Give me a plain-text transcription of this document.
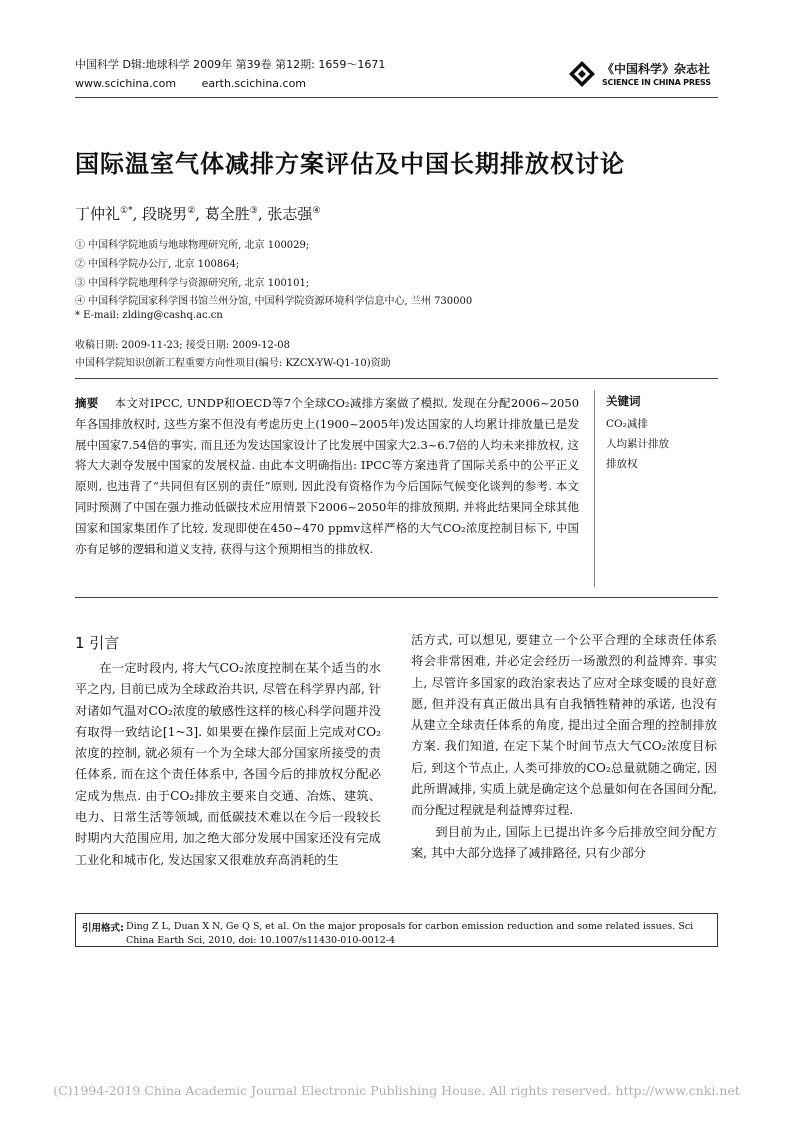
中国科学 D辑:地球科学 2009年 第39卷 第12期: 1659～1671
www.scichina.com earth.scichina.com
《中国科学》杂志社
SCIENCE IN CHINA PRESS
国际温室气体减排方案评估及中国长期排放权讨论
丁仲礼①*, 段晓男②, 葛全胜③, 张志强④
① 中国科学院地质与地球物理研究所, 北京 100029;
② 中国科学院办公厅, 北京 100864;
③ 中国科学院地理科学与资源研究所, 北京 100101;
④ 中国科学院国家科学图书馆兰州分馆, 中国科学院资源环境科学信息中心, 兰州 730000
* E-mail: zlding@cashq.ac.cn
收稿日期: 2009-11-23; 接受日期: 2009-12-08
中国科学院知识创新工程重要方向性项目(编号: KZCX-YW-Q1-10)资助
摘要 本文对IPCC, UNDP和OECD等7个全球CO₂减排方案做了模拟, 发现在分配2006~2050年各国排放权时, 这些方案不但没有考虑历史上(1900~2005年)发达国家的人均累计排放量已是发展中国家7.54倍的事实, 而且还为发达国家设计了比发展中国家大2.3~6.7倍的人均未来排放权, 这将大大剥夺发展中国家的发展权益. 由此本文明确指出: IPCC等方案违背了国际关系中的公平正义原则, 也违背了“共同但有区别的责任”原则, 因此没有资格作为今后国际气候变化谈判的参考. 本文同时预测了中国在强力推动低碳技术应用情景下2006~2050年的排放预期, 并将此结果同全球其他国家和国家集团作了比较, 发现即使在450~470 ppmv这样严格的大气CO₂浓度控制目标下, 中国亦有足够的逻辑和道义支持, 获得与这个预期相当的排放权.
关键词
CO₂减排
人均累计排放
排放权
1 引言

在一定时段内, 将大气CO₂浓度控制在某个适当的水平之内, 目前已成为全球政治共识, 尽管在科学界内部, 针对诸如气温对CO₂浓度的敏感性这样的核心科学问题并没有取得一致结论[1~3]. 如果要在操作层面上完成对CO₂浓度的控制, 就必须有一个为全球大部分国家所接受的责任体系, 而在这个责任体系中, 各国今后的排放权分配必定成为焦点. 由于CO₂排放主要来自交通、冶炼、建筑、电力、日常生活等领域, 而低碳技术难以在今后一段较长时期内大范围应用, 加之绝大部分发展中国家还没有完成工业化和城市化, 发达国家又很难放弃高消耗的生

活方式, 可以想见, 要建立一个公平合理的全球责任体系将会非常困难, 并必定会经历一场激烈的利益博弈. 事实上, 尽管许多国家的政治家表达了应对全球变暖的良好意愿, 但并没有真正做出具有自我牺牲精神的承诺, 也没有从建立全球责任体系的角度, 提出过全面合理的控制排放方案. 我们知道, 在定下某个时间节点大气CO₂浓度目标后, 到这个节点止, 人类可排放的CO₂总量就随之确定, 因此所谓减排, 实质上就是确定这个总量如何在各国间分配, 而分配过程就是利益博弈过程.

到目前为止, 国际上已提出许多今后排放空间分配方案, 其中大部分选择了减排路径, 只有少部分

引用格式: Ding Z L, Duan X N, Ge Q S, et al. On the major proposals for carbon emission reduction and some related issues. Sci China Earth Sci, 2010, doi: 10.1007/s11430-010-0012-4
(C)1994-2019 China Academic Journal Electronic Publishing House. All rights reserved. http://www.cnki.net
